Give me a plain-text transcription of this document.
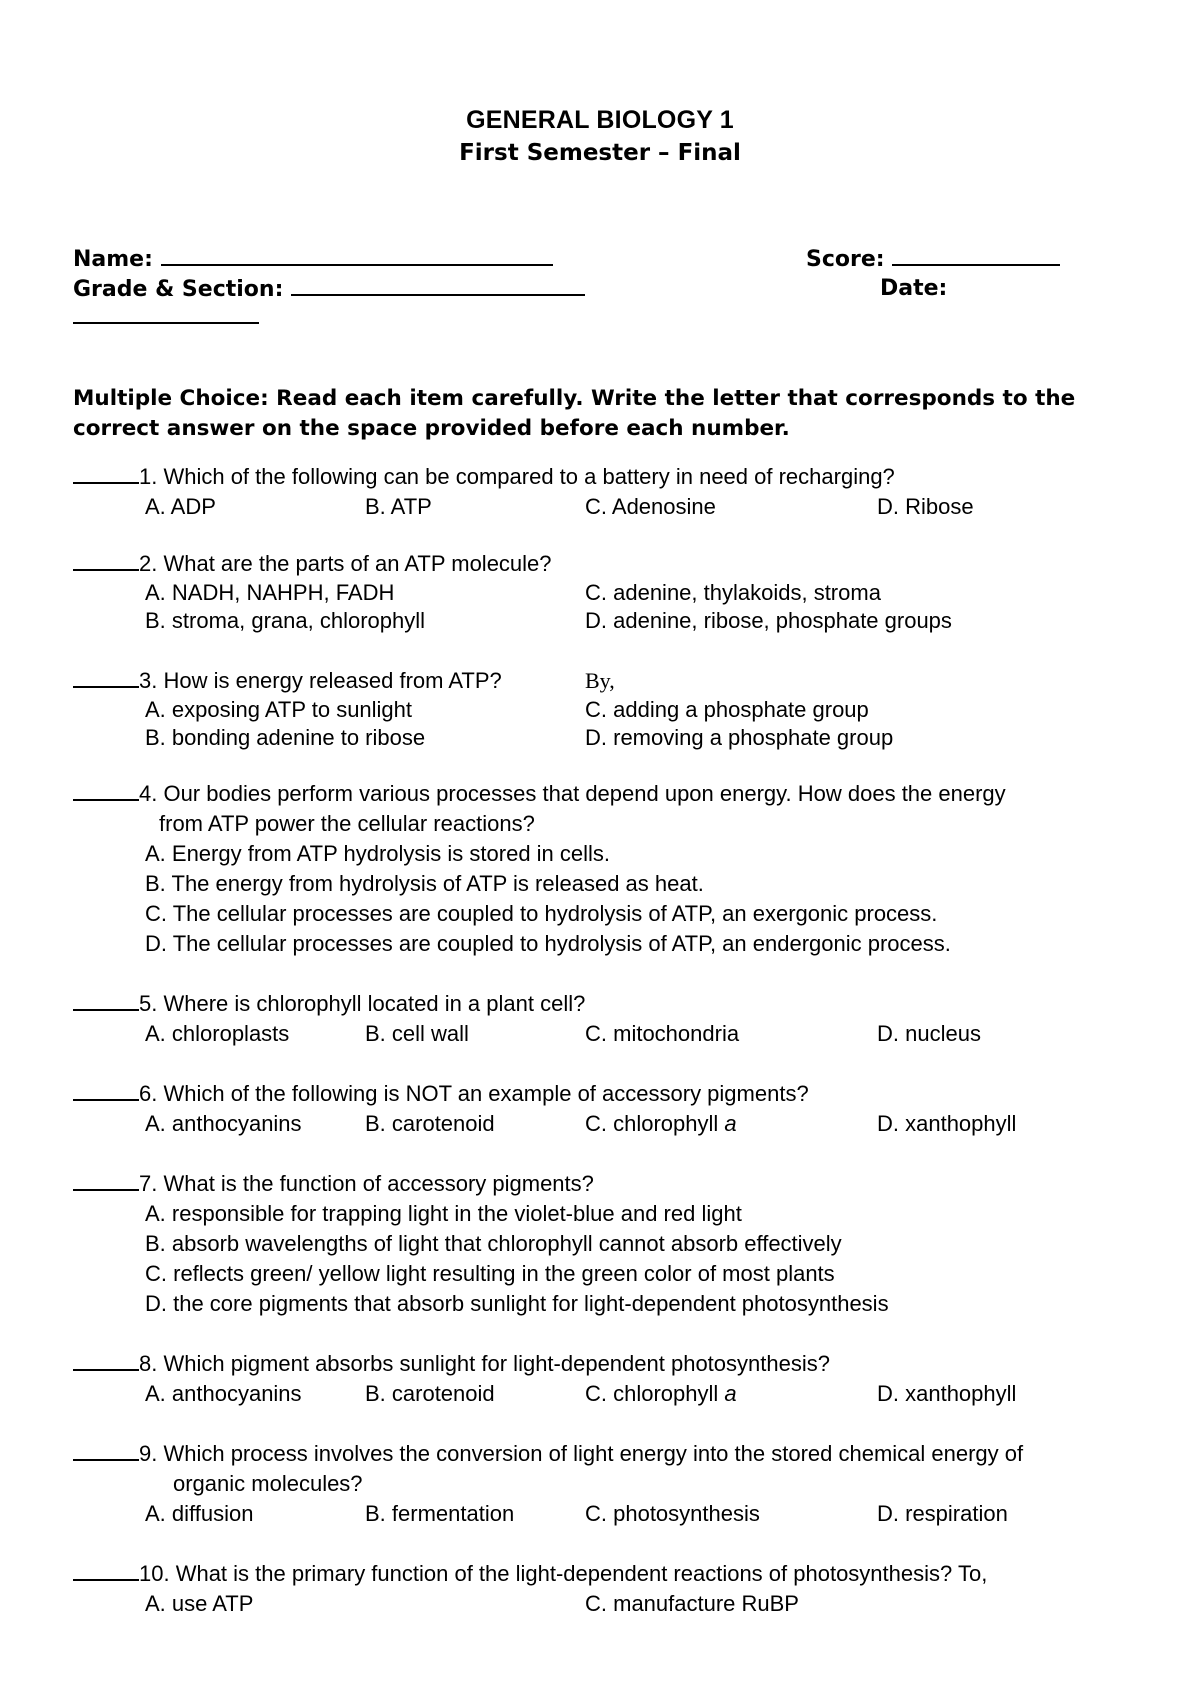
GENERAL BIOLOGY 1
First Semester – Final
Name:	Score:
Grade & Section:	Date:
Multiple Choice: Read each item carefully. Write the letter that corresponds to the correct answer on the space provided before each number.
1. Which of the following can be compared to a battery in need of recharging?
A. ADP	B. ATP	C. Adenosine	D. Ribose
2. What are the parts of an ATP molecule?
A. NADH, NAHPH, FADH	C. adenine, thylakoids, stroma
B. stroma, grana, chlorophyll	D. adenine, ribose, phosphate groups
3. How is energy released from ATP?	By,
A. exposing ATP to sunlight	C. adding a phosphate group
B. bonding adenine to ribose	D. removing a phosphate group
4. Our bodies perform various processes that depend upon energy. How does the energy
from ATP power the cellular reactions?
A. Energy from ATP hydrolysis is stored in cells.
B. The energy from hydrolysis of ATP is released as heat.
C. The cellular processes are coupled to hydrolysis of ATP, an exergonic process.
D. The cellular processes are coupled to hydrolysis of ATP, an endergonic process.
5. Where is chlorophyll located in a plant cell?
A. chloroplasts	B. cell wall	C. mitochondria	D. nucleus
6. Which of the following is NOT an example of accessory pigments?
A. anthocyanins	B. carotenoid	C. chlorophyll a	D. xanthophyll
7. What is the function of accessory pigments?
A. responsible for trapping light in the violet-blue and red light
B. absorb wavelengths of light that chlorophyll cannot absorb effectively
C. reflects green/ yellow light resulting in the green color of most plants
D. the core pigments that absorb sunlight for light-dependent photosynthesis
8. Which pigment absorbs sunlight for light-dependent photosynthesis?
A. anthocyanins	B. carotenoid	C. chlorophyll a	D. xanthophyll
9. Which process involves the conversion of light energy into the stored chemical energy of
organic molecules?
A. diffusion	B. fermentation	C. photosynthesis	D. respiration
10. What is the primary function of the light-dependent reactions of photosynthesis? To,
A. use ATP	C. manufacture RuBP
